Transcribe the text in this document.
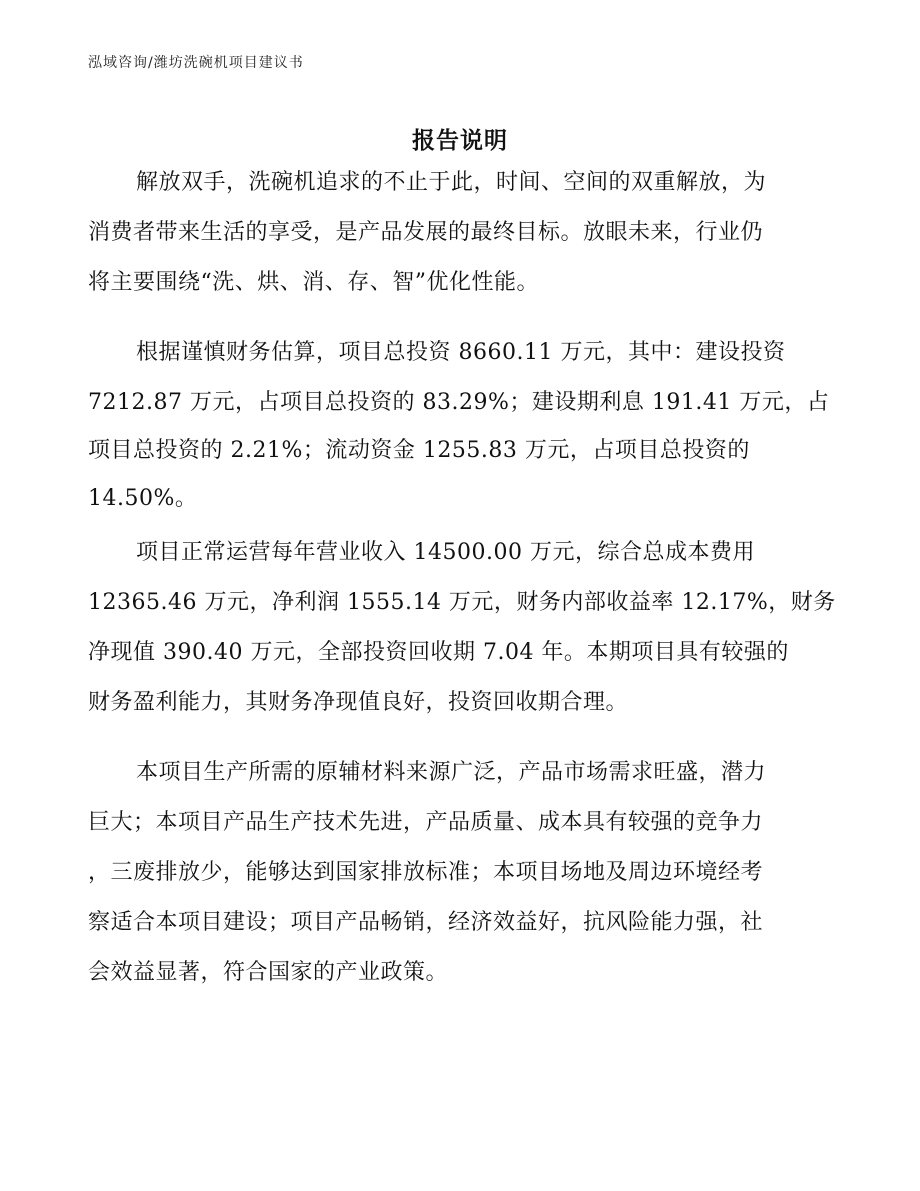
泓域咨询/潍坊洗碗机项目建议书
报告说明
解放双手，洗碗机追求的不止于此，时间、空间的双重解放，为
消费者带来生活的享受，是产品发展的最终目标。放眼未来，行业仍
将主要围绕“洗、烘、消、存、智”优化性能。
根据谨慎财务估算，项目总投资 8660.11 万元，其中：建设投资
7212.87 万元，占项目总投资的 83.29%；建设期利息 191.41 万元，占
项目总投资的 2.21%；流动资金 1255.83 万元，占项目总投资的
14.50%。
项目正常运营每年营业收入 14500.00 万元，综合总成本费用
12365.46 万元，净利润 1555.14 万元，财务内部收益率 12.17%，财务
净现值 390.40 万元，全部投资回收期 7.04 年。本期项目具有较强的
财务盈利能力，其财务净现值良好，投资回收期合理。
本项目生产所需的原辅材料来源广泛，产品市场需求旺盛，潜力
巨大；本项目产品生产技术先进，产品质量、成本具有较强的竞争力
，三废排放少，能够达到国家排放标准；本项目场地及周边环境经考
察适合本项目建设；项目产品畅销，经济效益好，抗风险能力强，社
会效益显著，符合国家的产业政策。
